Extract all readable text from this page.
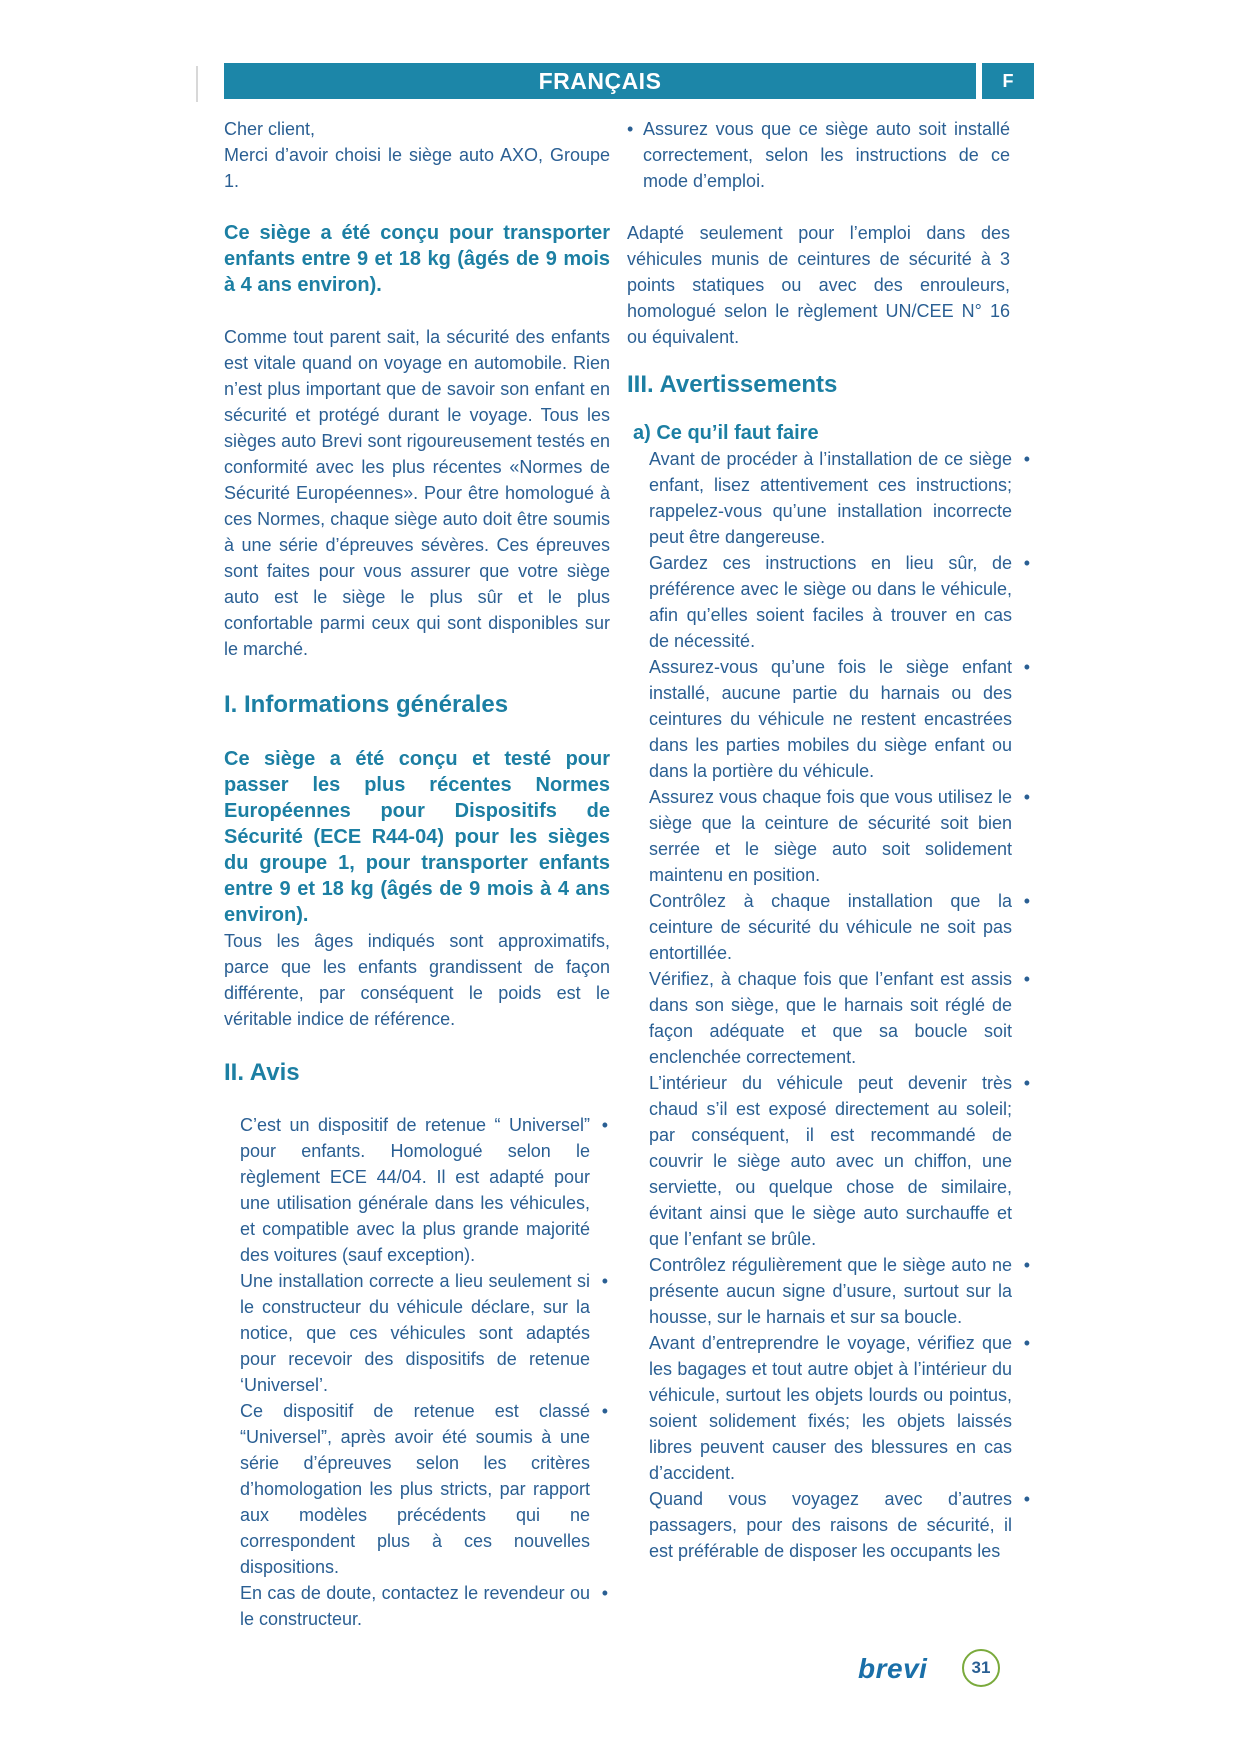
FRANÇAIS	F

Cher client,

Merci d’avoir choisi le siège auto AXO, Groupe 1.

Ce siège a été conçu pour transporter enfants entre 9 et 18 kg (âgés de 9 mois à 4 ans environ).

Comme tout parent sait, la sécurité des enfants est vitale quand on voyage en automobile. Rien n’est plus important que de savoir son enfant en sécurité et protégé durant le voyage. Tous les sièges auto Brevi sont rigoureusement testés en conformité avec les plus récentes «Normes de Sécurité Européennes». Pour être homologué à ces Normes, chaque siège auto doit être soumis à une série d’épreuves sévères. Ces épreuves sont faites pour vous assurer que votre siège auto est le siège le plus sûr et le plus confortable parmi ceux qui sont disponibles sur le marché.

I. Informations générales

Ce siège a été conçu et testé pour passer les plus récentes Normes Européennes pour Dispositifs de Sécurité (ECE R44-04) pour les sièges du groupe 1, pour transporter enfants entre 9 et 18 kg (âgés de 9 mois à 4 ans environ).

Tous les âges indiqués sont approximatifs, parce que les enfants grandissent de façon différente, par conséquent le poids est le véritable indice de référence.

II. Avis
C’est un dispositif de retenue “ Universel” pour enfants. Homologué selon le règlement ECE 44/04. Il est adapté pour une utilisation générale dans les véhicules, et compatible avec la plus grande majorité des voitures (sauf exception). •
Une installation correcte a lieu seulement si le constructeur du véhicule déclare, sur la notice, que ces véhicules sont adaptés pour recevoir des dispositifs de retenue ‘Universel’. •
Ce dispositif de retenue est classé “Universel”, après avoir été soumis à une série d’épreuves selon les critères d’homologation les plus stricts, par rapport aux modèles précédents qui ne correspondent plus à ces nouvelles dispositions. •
En cas de doute, contactez le revendeur ou le constructeur. •
• Assurez vous que ce siège auto soit installé correctement, selon les instructions de ce mode d’emploi.

Adapté seulement pour l’emploi dans des véhicules munis de ceintures de sécurité à 3 points statiques ou avec des enrouleurs, homologué selon le règlement UN/CEE N° 16 ou équivalent.

III. Avertissements
a) Ce qu’il faut faire
Avant de procéder à l’installation de ce siège enfant, lisez attentivement ces instructions; rappelez-vous qu’une installation incorrecte peut être dangereuse. •
Gardez ces instructions en lieu sûr, de préférence avec le siège ou dans le véhicule, afin qu’elles soient faciles à trouver en cas de nécessité. •
Assurez-vous qu’une fois le siège enfant installé, aucune partie du harnais ou des ceintures du véhicule ne restent encastrées dans les parties mobiles du siège enfant ou dans la portière du véhicule. •
Assurez vous chaque fois que vous utilisez le siège que la ceinture de sécurité soit bien serrée et le siège auto soit solidement maintenu en position. •
Contrôlez à chaque installation que la ceinture de sécurité du véhicule ne soit pas entortillée. •
Vérifiez, à chaque fois que l’enfant est assis dans son siège, que le harnais soit réglé de façon adéquate et que sa boucle soit enclenchée correctement. •
L’intérieur du véhicule peut devenir très chaud s’il est exposé directement au soleil; par conséquent, il est recommandé de couvrir le siège auto avec un chiffon, une serviette, ou quelque chose de similaire, évitant ainsi que le siège auto surchauffe et que l’enfant se brûle. •
Contrôlez régulièrement que le siège auto ne présente aucun signe d’usure, surtout sur la housse, sur le harnais et sur sa boucle. •
Avant d’entreprendre le voyage, vérifiez que les bagages et tout autre objet à l’intérieur du véhicule, surtout les objets lourds ou pointus, soient solidement fixés; les objets laissés libres peuvent causer des blessures en cas d’accident. •
Quand vous voyagez avec d’autres passagers, pour des raisons de sécurité, il est préférable de disposer les occupants les •
brevi	31
